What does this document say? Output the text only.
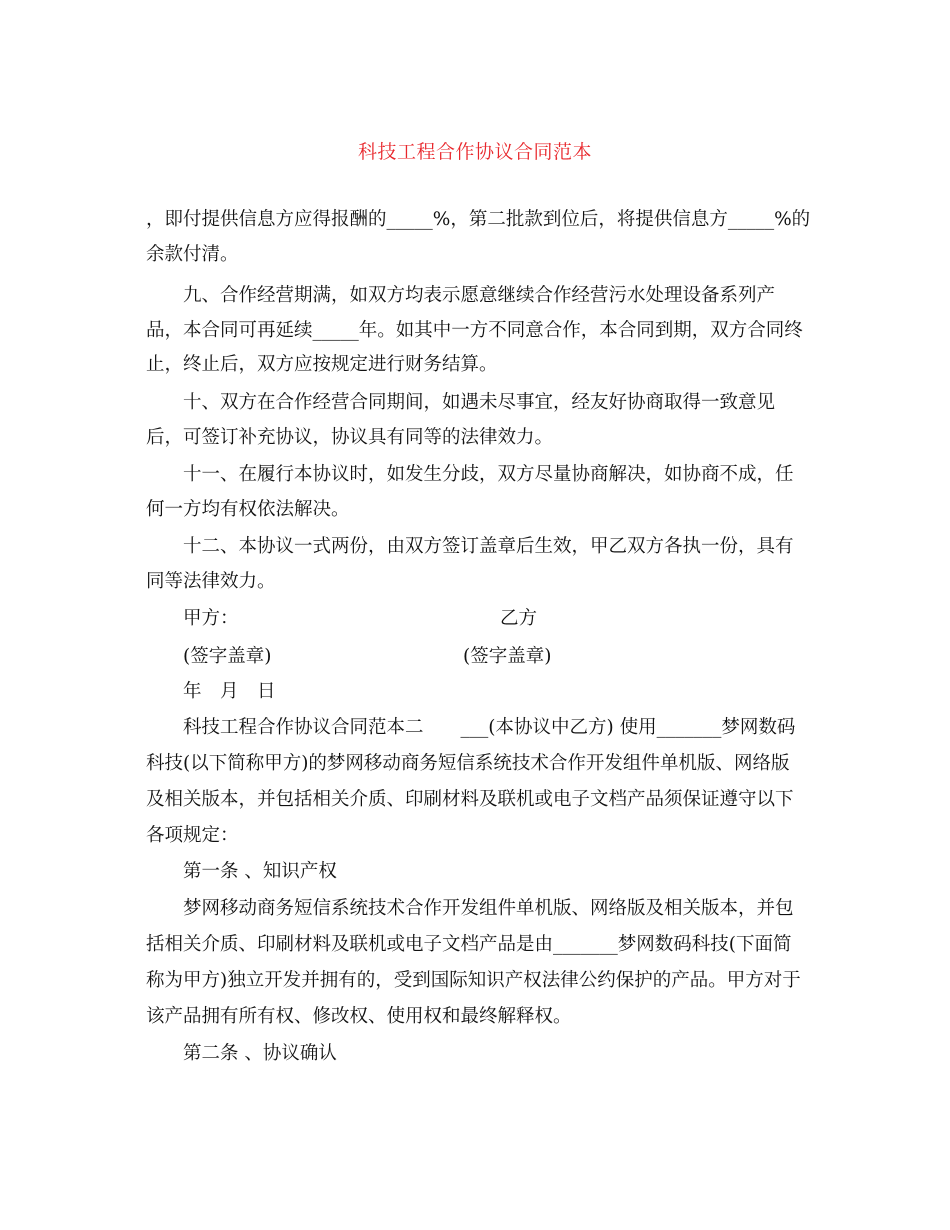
科技工程合作协议合同范本
，即付提供信息方应得报酬的_____%，第二批款到位后，将提供信息方_____%的
余款付清。
九、合作经营期满，如双方均表示愿意继续合作经营污水处理设备系列产
品，本合同可再延续_____年。如其中一方不同意合作，本合同到期，双方合同终
止，终止后，双方应按规定进行财务结算。
十、双方在合作经营合同期间，如遇未尽事宜，经友好协商取得一致意见
后，可签订补充协议，协议具有同等的法律效力。
十一、在履行本协议时，如发生分歧，双方尽量协商解决，如协商不成，任
何一方均有权依法解决。
十二、本协议一式两份，由双方签订盖章后生效，甲乙双方各执一份，具有
同等法律效力。
甲方：	乙方
(签字盖章)	(签字盖章)
年　月　日
科技工程合作协议合同范本二　　___(本协议中乙方) 使用_______梦网数码
科技(以下简称甲方)的梦网移动商务短信系统技术合作开发组件单机版、网络版
及相关版本，并包括相关介质、印刷材料及联机或电子文档产品须保证遵守以下
各项规定：
第一条 、知识产权
梦网移动商务短信系统技术合作开发组件单机版、网络版及相关版本，并包
括相关介质、印刷材料及联机或电子文档产品是由_______梦网数码科技(下面简
称为甲方)独立开发并拥有的，受到国际知识产权法律公约保护的产品。甲方对于
该产品拥有所有权、修改权、使用权和最终解释权。
第二条 、协议确认
